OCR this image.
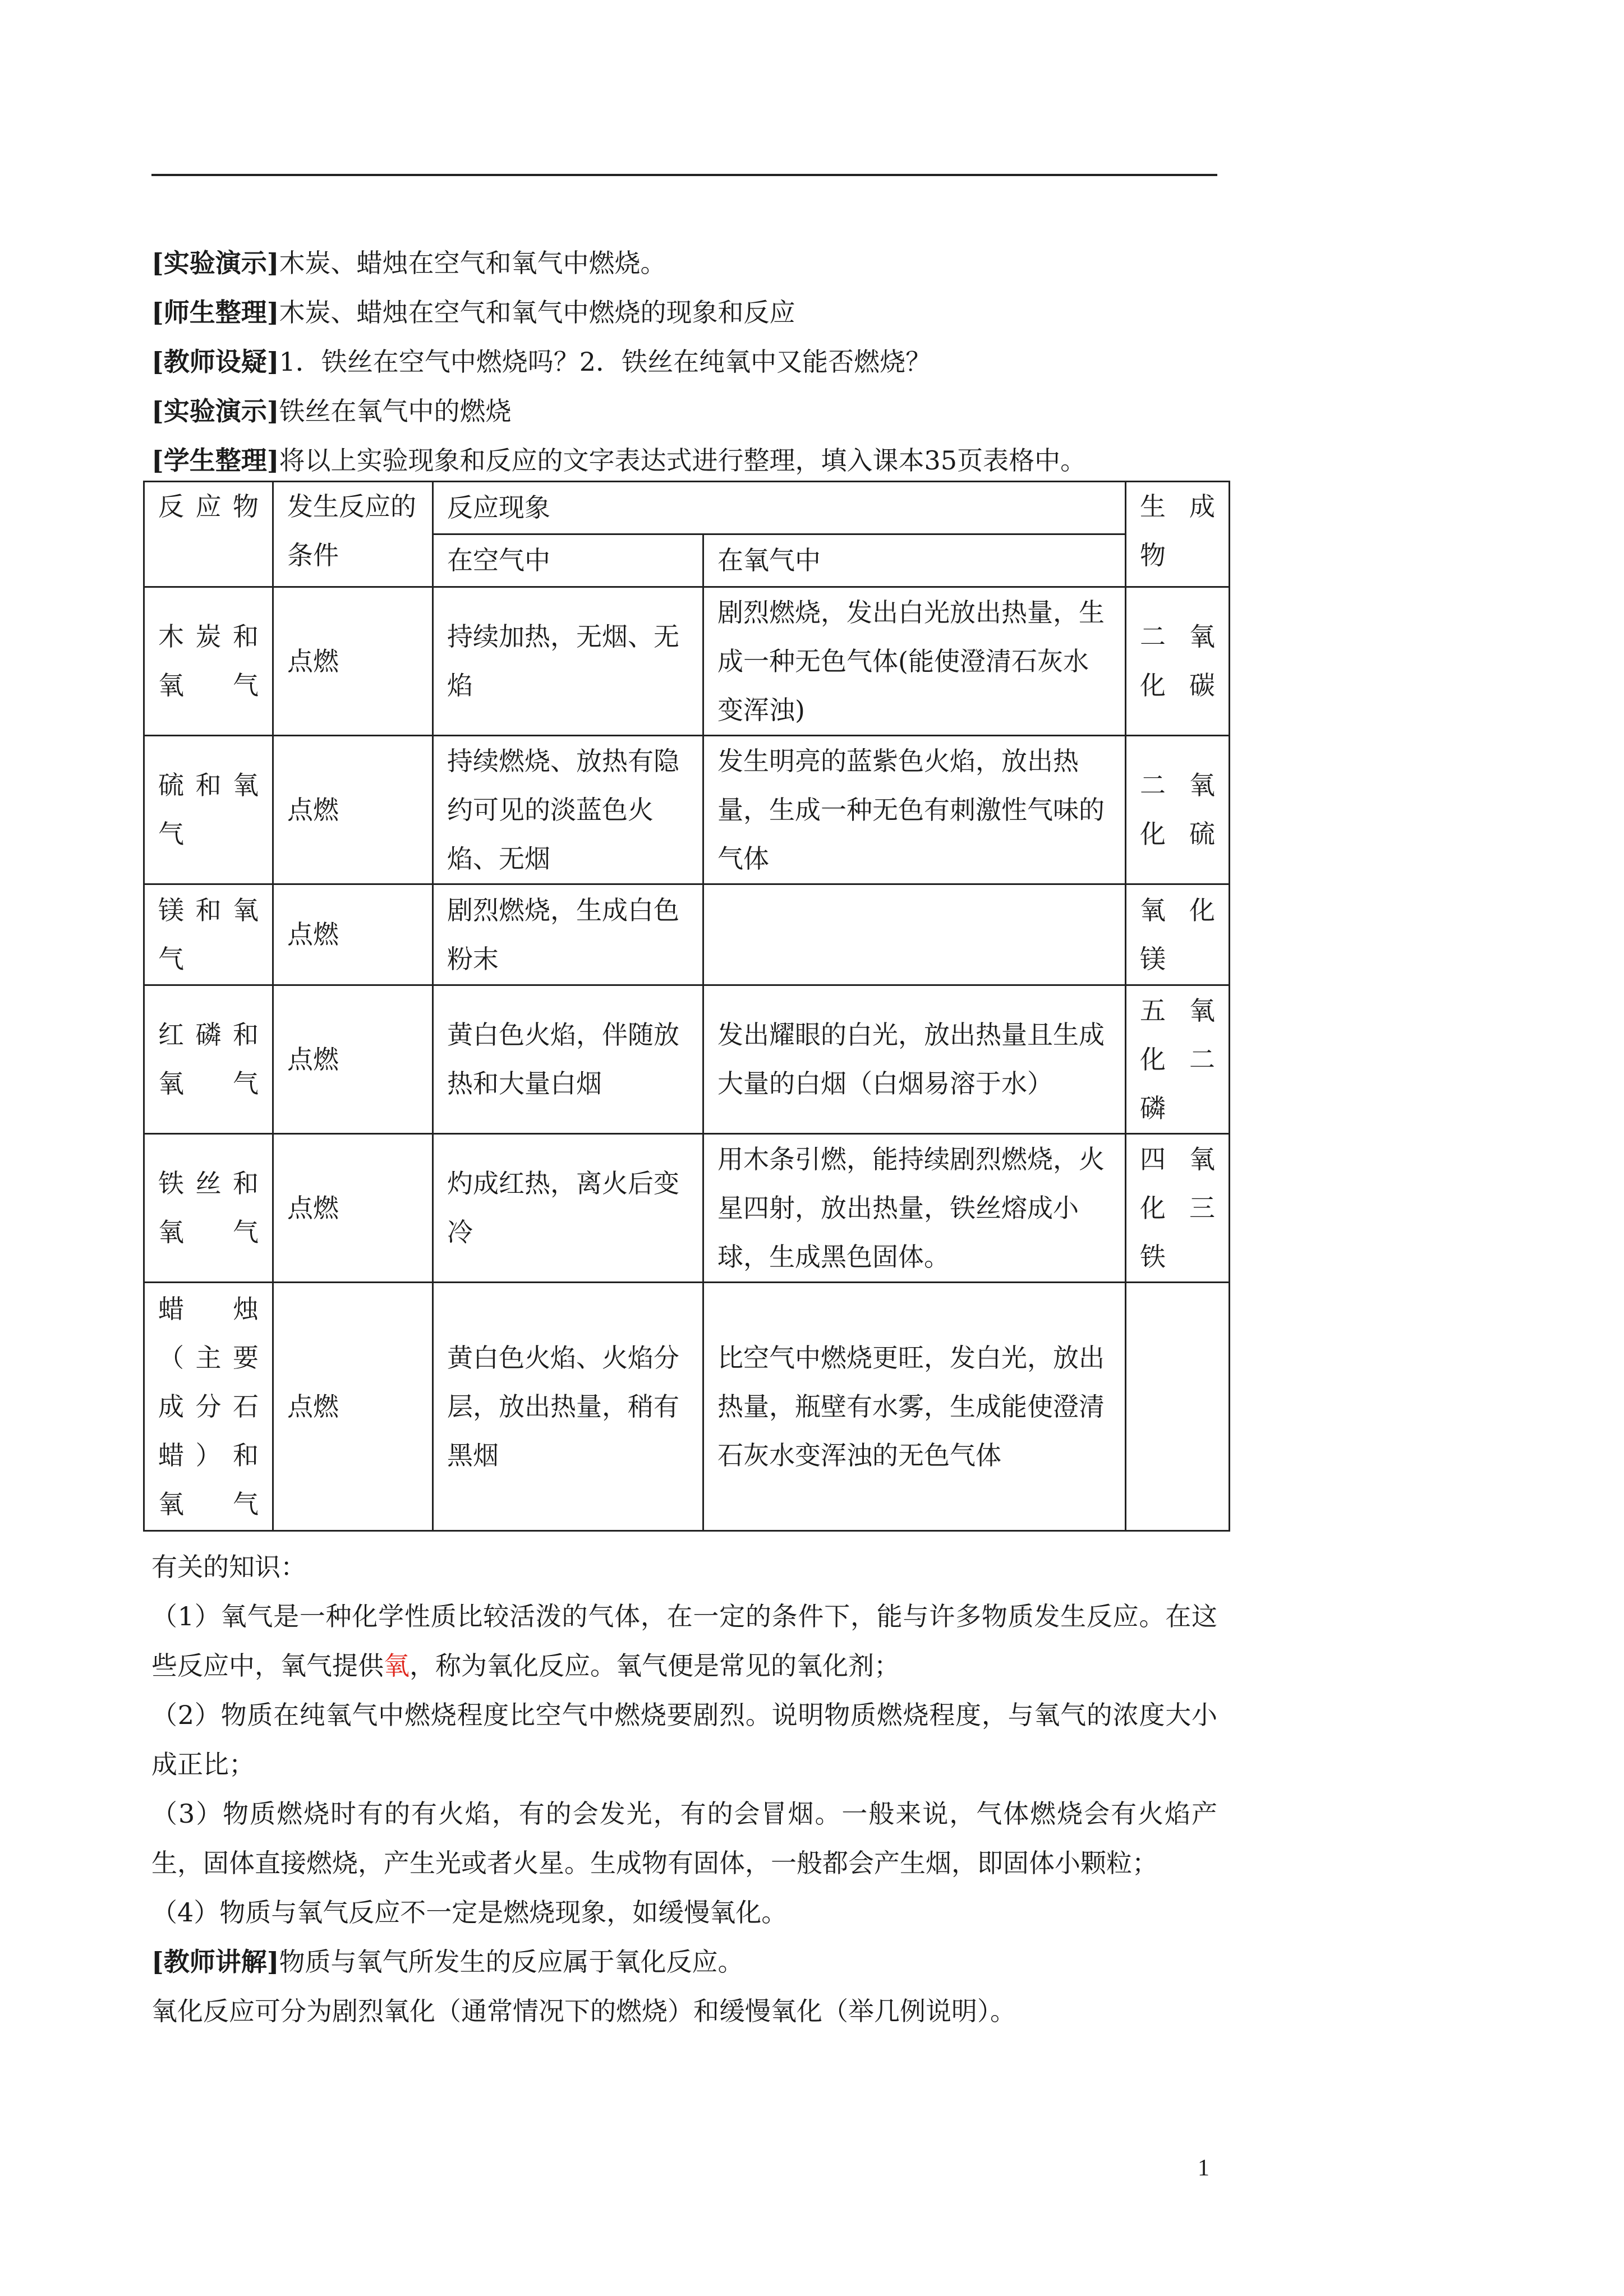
[实验演示]木炭、蜡烛在空气和氧气中燃烧。
[师生整理]木炭、蜡烛在空气和氧气中燃烧的现象和反应
[教师设疑]1．铁丝在空气中燃烧吗？2．铁丝在纯氧中又能否燃烧？
[实验演示]铁丝在氧气中的燃烧
[学生整理]将以上实验现象和反应的文字表达式进行整理，填入课本35页表格中。
反应物	发生反应的条件	反应现象		生成物
		在空气中	在氧气中	
木炭和氧气	点燃	持续加热，无烟、无焰	剧烈燃烧，发出白光放出热量，生成一种无色气体(能使澄清石灰水变浑浊)	二氧化碳
硫和氧气	点燃	持续燃烧、放热有隐约可见的淡蓝色火焰、无烟	发生明亮的蓝紫色火焰，放出热量，生成一种无色有刺激性气味的气体	二氧化硫
镁和氧气	点燃	剧烈燃烧，生成白色粉末		氧化镁
红磷和氧气	点燃	黄白色火焰，伴随放热和大量白烟	发出耀眼的白光，放出热量且生成大量的白烟（白烟易溶于水）	五氧化二磷
铁丝和氧气	点燃	灼成红热，离火后变冷	用木条引燃，能持续剧烈燃烧，火星四射，放出热量，铁丝熔成小球，生成黑色固体。	四氧化三铁
蜡烛（主要成分石蜡）和氧气	点燃	黄白色火焰、火焰分层，放出热量，稍有黑烟	比空气中燃烧更旺，发白光，放出热量，瓶壁有水雾，生成能使澄清石灰水变浑浊的无色气体	

有关的知识：

（1）氧气是一种化学性质比较活泼的气体，在一定的条件下，能与许多物质发生反应。在这些反应中，氧气提供氧，称为氧化反应。氧气便是常见的氧化剂；

（2）物质在纯氧气中燃烧程度比空气中燃烧要剧烈。说明物质燃烧程度，与氧气的浓度大小成正比；

（3）物质燃烧时有的有火焰，有的会发光，有的会冒烟。一般来说，气体燃烧会有火焰产生，固体直接燃烧，产生光或者火星。生成物有固体，一般都会产生烟，即固体小颗粒；

（4）物质与氧气反应不一定是燃烧现象，如缓慢氧化。

[教师讲解]物质与氧气所发生的反应属于氧化反应。

氧化反应可分为剧烈氧化（通常情况下的燃烧）和缓慢氧化（举几例说明）。

1
